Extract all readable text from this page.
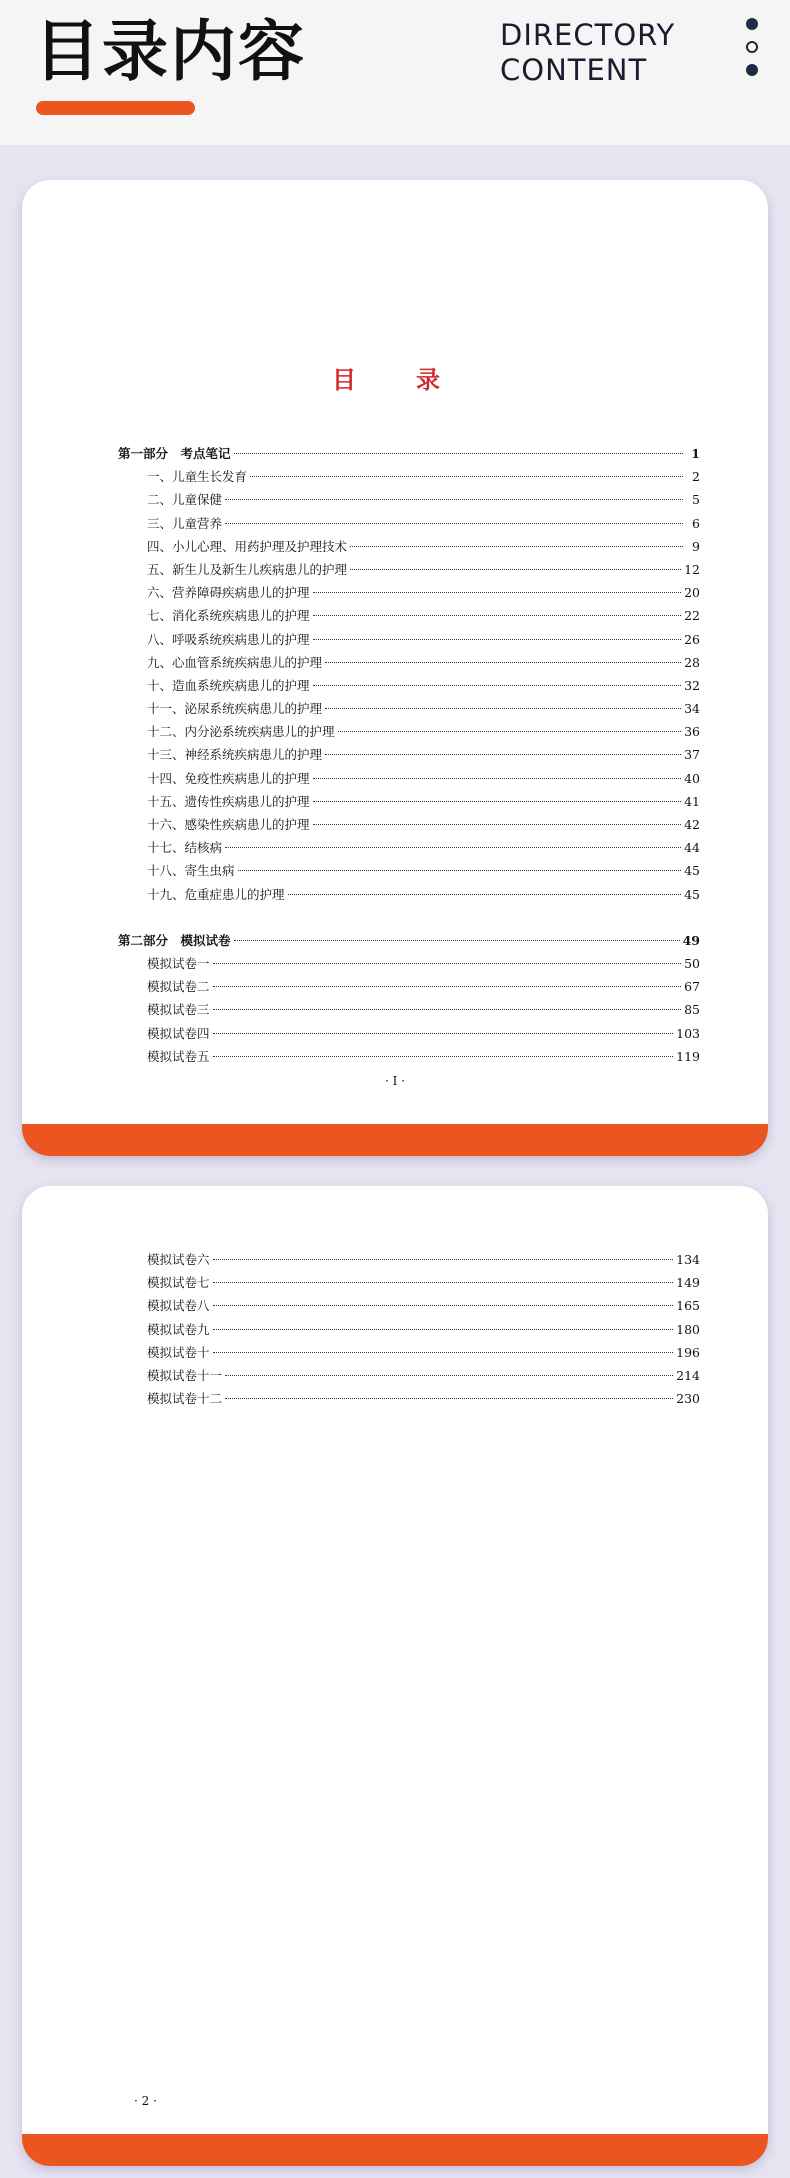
目录内容	DIRECTORY
CONTENT
目　录
第一部分　考点笔记	1
一、儿童生长发育	2
二、儿童保健	5
三、儿童营养	6
四、小儿心理、用药护理及护理技术	9
五、新生儿及新生儿疾病患儿的护理	12
六、营养障碍疾病患儿的护理	20
七、消化系统疾病患儿的护理	22
八、呼吸系统疾病患儿的护理	26
九、心血管系统疾病患儿的护理	28
十、造血系统疾病患儿的护理	32
十一、泌尿系统疾病患儿的护理	34
十二、内分泌系统疾病患儿的护理	36
十三、神经系统疾病患儿的护理	37
十四、免疫性疾病患儿的护理	40
十五、遗传性疾病患儿的护理	41
十六、感染性疾病患儿的护理	42
十七、结核病	44
十八、寄生虫病	45
十九、危重症患儿的护理	45
第二部分　模拟试卷	49
模拟试卷一	50
模拟试卷二	67
模拟试卷三	85
模拟试卷四	103
模拟试卷五	119
· I ·
模拟试卷六	134
模拟试卷七	149
模拟试卷八	165
模拟试卷九	180
模拟试卷十	196
模拟试卷十一	214
模拟试卷十二	230
· 2 ·
